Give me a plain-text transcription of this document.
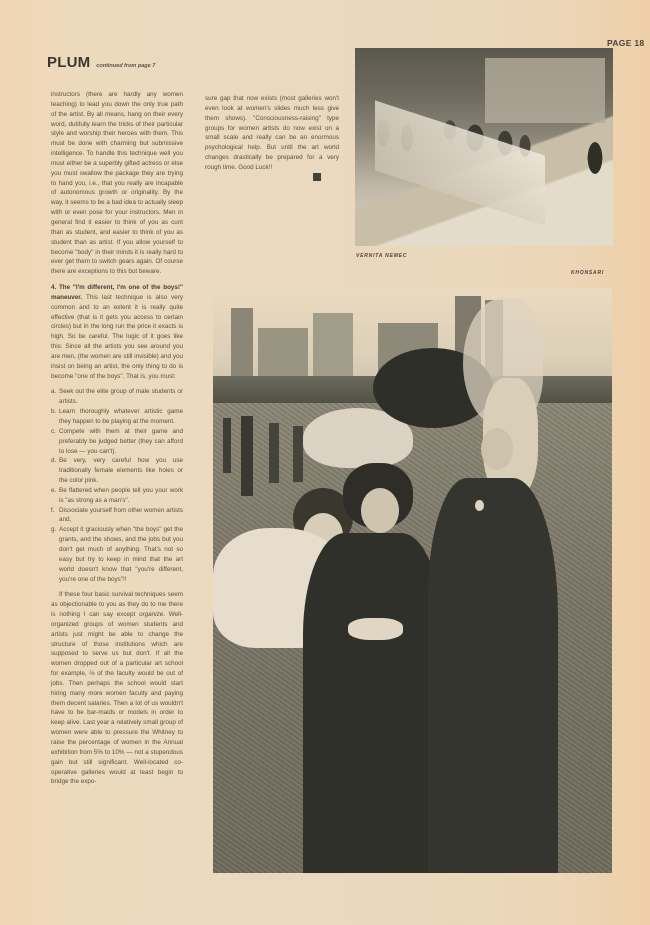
PAGE 18
PLUM continued from page 7

instructors (there are hardly any women teaching) to lead you down the only true path of the artist. By all means, hang on their every word, dutifully learn the tricks of their particular style and worship their heroes with them. This must be done with charming but submissive intelligence. To handle this technique well you must either be a superbly gifted actress or else you must swallow the package they are trying to hand you, i.e., that you really are incapable of autonomous growth or originality. By the way, it seems to be a bad idea to actually sleep with or even pose for your instructors. Men in general find it easier to think of you as cunt than as student, and easier to think of you as student than as artist. If you allow yourself to become "body" in their minds it is really hard to ever get them to switch gears again. Of course there are exceptions to this but beware.

4. The "I'm different, I'm one of the boys!" maneuver. This last technique is also very common and to an extent it is really quite effective (that is it gets you access to certain circles) but in the long run the price it exacts is high. So be careful. The logic of it goes like this: Since all the artists you see around you are men, (the women are still invisible) and you insist on being an artist, the only thing to do is become "one of the boys". That is, you must:

a. Seek out the elite group of male students or artists.
b. Learn thoroughly whatever artistic game they happen to be playing at the moment.
c. Compete with them at their game and preferably be judged better (they can afford to lose — you can't).
d. Be very, very careful how you use traditionally female elements like holes or the color pink.
e. Be flattered when people tell you your work is "as strong as a man's".
f. Dissociate yourself from other women artists and,
g. Accept it graciously when "the boys" get the grants, and the shows, and the jobs but you don't get much of anything. That's not so easy but try to keep in mind that the art world doesn't know that "you're different, you're one of the boys"!!

If these four basic survival techniques seem as objectionable to you as they do to me there is nothing I can say except organize. Well-organized groups of women students and artists just might be able to change the structure of those institutions which are supposed to serve us but don't. If all the women dropped out of a particular art school for example, ⅔ of the faculty would be out of jobs. Then perhaps the school would start hiring many more women faculty and paying them decent salaries. Then a lot of us wouldn't have to be bar-maids or models in order to keep alive. Last year a relatively small group of women were able to pressure the Whitney to raise the percentage of women in the Annual exhibition from 5% to 10% — not a stupendous gain but still significant. Well-located co-operative galleries would at least begin to bridge the expo-

sure gap that now exists (most galleries won't even look at women's slides much less give them shows). "Consciousness-raising" type groups for women artists do now exist on a small scale and really can be an enormous psychological help. But until the art world changes drastically be prepared for a very rough time. Good Luck!!

VERNITA NEMEC
KHONSARI
